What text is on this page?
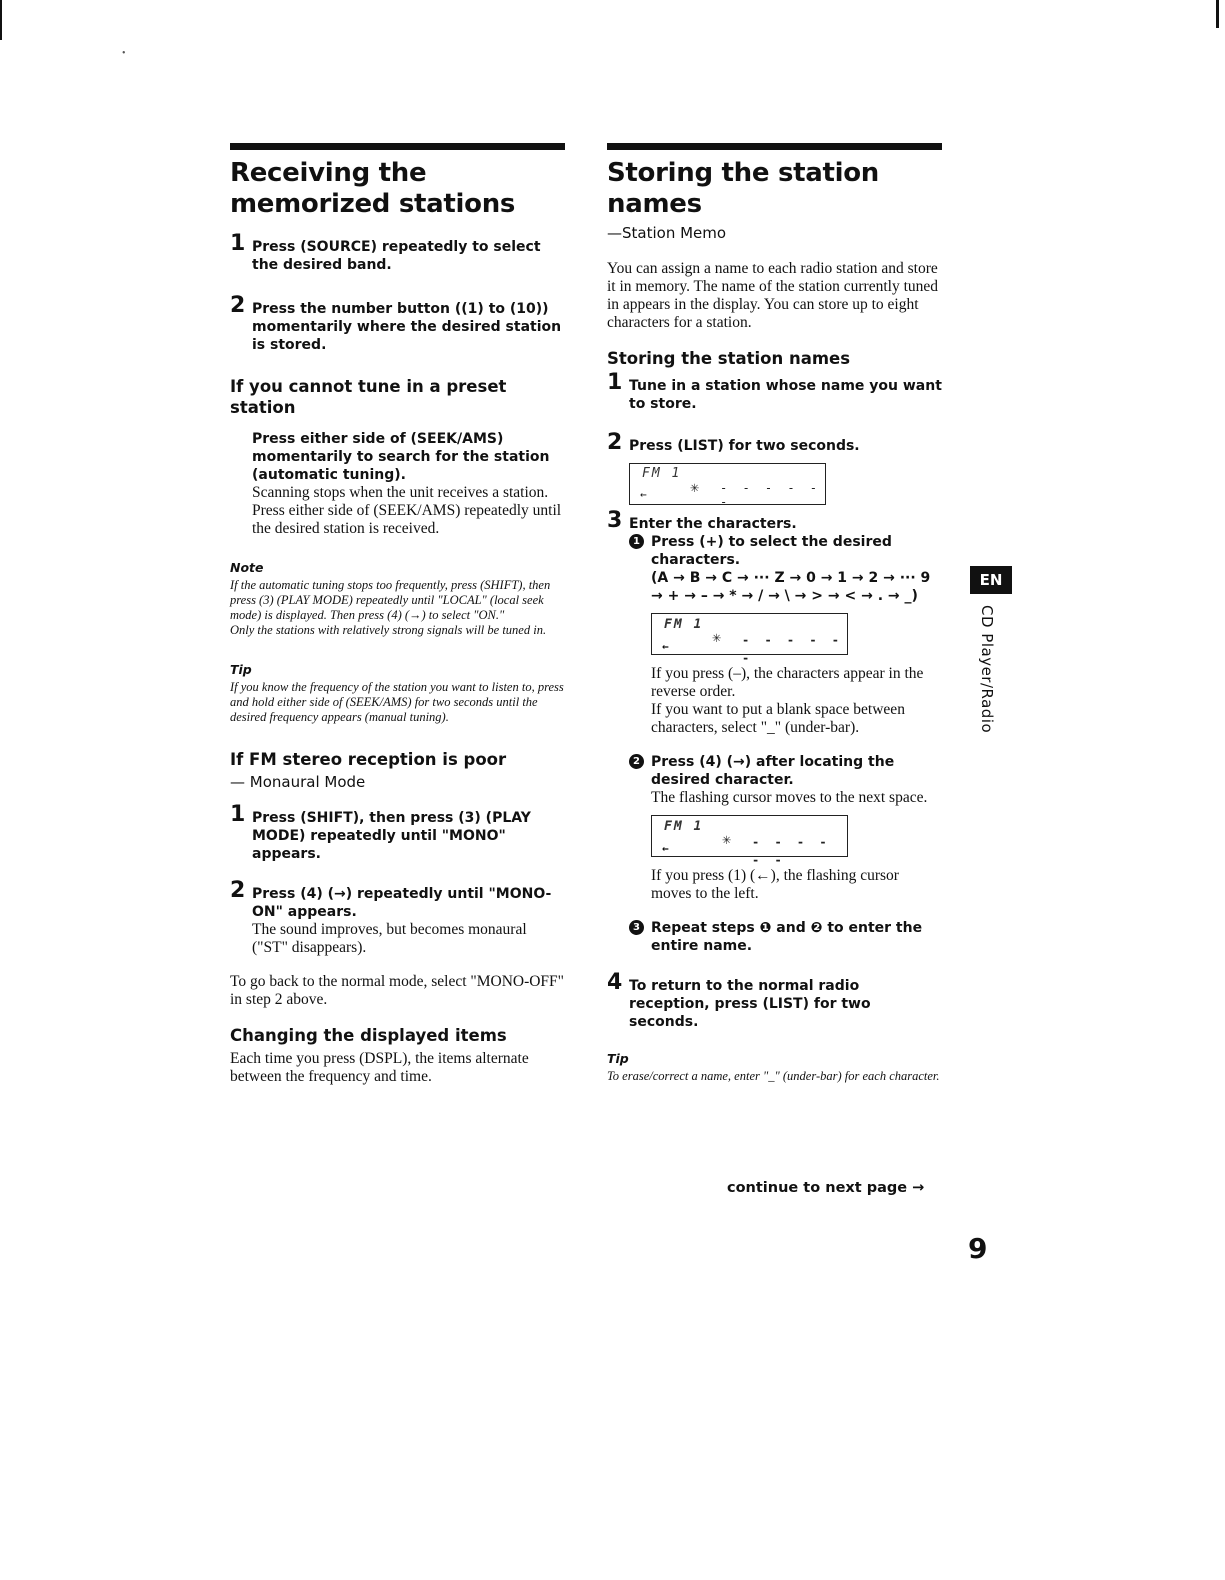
•
Receiving the memorized stations
1 Press (SOURCE) repeatedly to select the desired band.
2 Press the number button ((1) to (10)) momentarily where the desired station is stored.
If you cannot tune in a preset station
Press either side of (SEEK/AMS) momentarily to search for the station (automatic tuning).
Scanning stops when the unit receives a station. Press either side of (SEEK/AMS) repeatedly until the desired station is received.
Note
If the automatic tuning stops too frequently, press (SHIFT), then press (3) (PLAY MODE) repeatedly until "LOCAL" (local seek mode) is displayed. Then press (4) (→) to select "ON."
Only the stations with relatively strong signals will be tuned in.
Tip
If you know the frequency of the station you want to listen to, press and hold either side of (SEEK/AMS) for two seconds until the desired frequency appears (manual tuning).
If FM stereo reception is poor
— Monaural Mode
1 Press (SHIFT), then press (3) (PLAY MODE) repeatedly until "MONO" appears.
2 Press (4) (→) repeatedly until "MONO-ON" appears.
The sound improves, but becomes monaural ("ST" disappears).
To go back to the normal mode, select "MONO-OFF" in step 2 above.
Changing the displayed items
Each time you press (DSPL), the items alternate between the frequency and time.
Storing the station names
—Station Memo
You can assign a name to each radio station and store it in memory. The name of the station currently tuned in appears in the display. You can store up to eight characters for a station.
Storing the station names
1 Tune in a station whose name you want to store.
2 Press (LIST) for two seconds.
FM 1
←	✳ - - - - - -
3 Enter the characters.
1 Press (+) to select the desired characters.
(A → B → C → ··· Z → 0 → 1 → 2 → ··· 9 → + → – → * → / → \ → > → < → . → _)
FM 1
←
✳ - - - - - -
If you press (–), the characters appear in the reverse order.
If you want to put a blank space between characters, select "_" (under-bar).
2 Press (4) (→) after locating the desired character.
The flashing cursor moves to the next space.
FM 1
←
✳ - - - - - -
If you press (1) (←), the flashing cursor moves to the left.
3 Repeat steps ❶ and ❷ to enter the entire name.
4 To return to the normal radio reception, press (LIST) for two seconds.
Tip
To erase/correct a name, enter "_" (under-bar) for each character.
continue to next page →
EN
CD Player/Radio
9
